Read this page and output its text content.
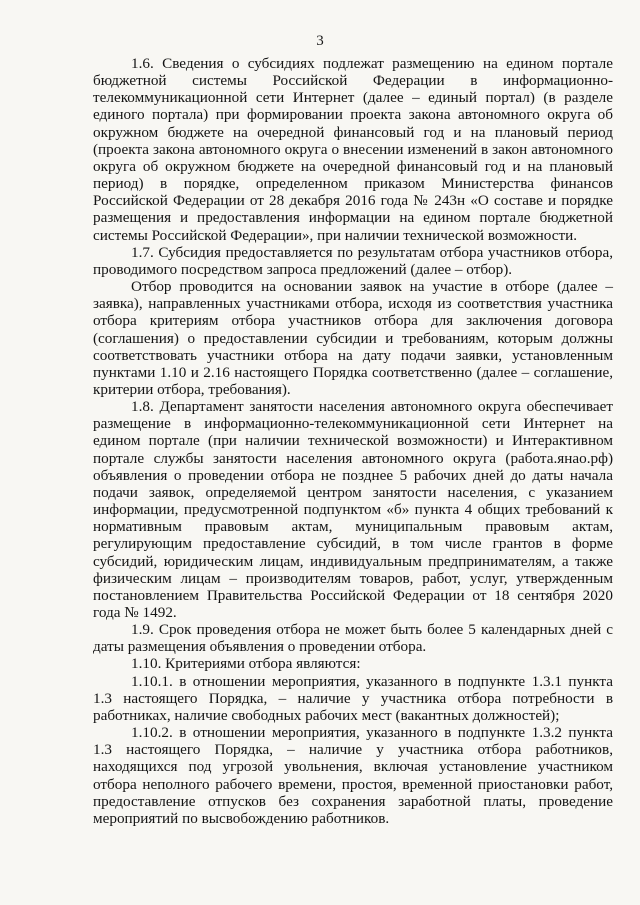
3

1.6. Сведения о субсидиях подлежат размещению на едином портале бюджетной системы Российской Федерации в информационно-телекоммуникационной сети Интернет (далее – единый портал) (в разделе единого портала) при формировании проекта закона автономного округа об окружном бюджете на очередной финансовый год и на плановый период (проекта закона автономного округа о внесении изменений в закон автономного округа об окружном бюджете на очередной финансовый год и на плановый период) в порядке, определенном приказом Министерства финансов Российской Федерации от 28 декабря 2016 года № 243н «О составе и порядке размещения и предоставления информации на едином портале бюджетной системы Российской Федерации», при наличии технической возможности.

1.7. Субсидия предоставляется по результатам отбора участников отбора, проводимого посредством запроса предложений (далее – отбор).

Отбор проводится на основании заявок на участие в отборе (далее – заявка), направленных участниками отбора, исходя из соответствия участника отбора критериям отбора участников отбора для заключения договора (соглашения) о предоставлении субсидии и требованиям, которым должны соответствовать участники отбора на дату подачи заявки, установленным пунктами 1.10 и 2.16 настоящего Порядка соответственно (далее – соглашение, критерии отбора, требования).

1.8. Департамент занятости населения автономного округа обеспечивает размещение в информационно-телекоммуникационной сети Интернет на едином портале (при наличии технической возможности) и Интерактивном портале службы занятости населения автономного округа (работа.янао.рф) объявления о проведении отбора не позднее 5 рабочих дней до даты начала подачи заявок, определяемой центром занятости населения, с указанием информации, предусмотренной подпунктом «б» пункта 4 общих требований к нормативным правовым актам, муниципальным правовым актам, регулирующим предоставление субсидий, в том числе грантов в форме субсидий, юридическим лицам, индивидуальным предпринимателям, а также физическим лицам – производителям товаров, работ, услуг, утвержденным постановлением Правительства Российской Федерации от 18 сентября 2020 года № 1492.

1.9. Срок проведения отбора не может быть более 5 календарных дней с даты размещения объявления о проведении отбора.

1.10. Критериями отбора являются:

1.10.1. в отношении мероприятия, указанного в подпункте 1.3.1 пункта 1.3 настоящего Порядка, – наличие у участника отбора потребности в работниках, наличие свободных рабочих мест (вакантных должностей);

1.10.2. в отношении мероприятия, указанного в подпункте 1.3.2 пункта 1.3 настоящего Порядка, – наличие у участника отбора работников, находящихся под угрозой увольнения, включая установление участником отбора неполного рабочего времени, простоя, временной приостановки работ, предоставление отпусков без сохранения заработной платы, проведение мероприятий по высвобождению работников.
